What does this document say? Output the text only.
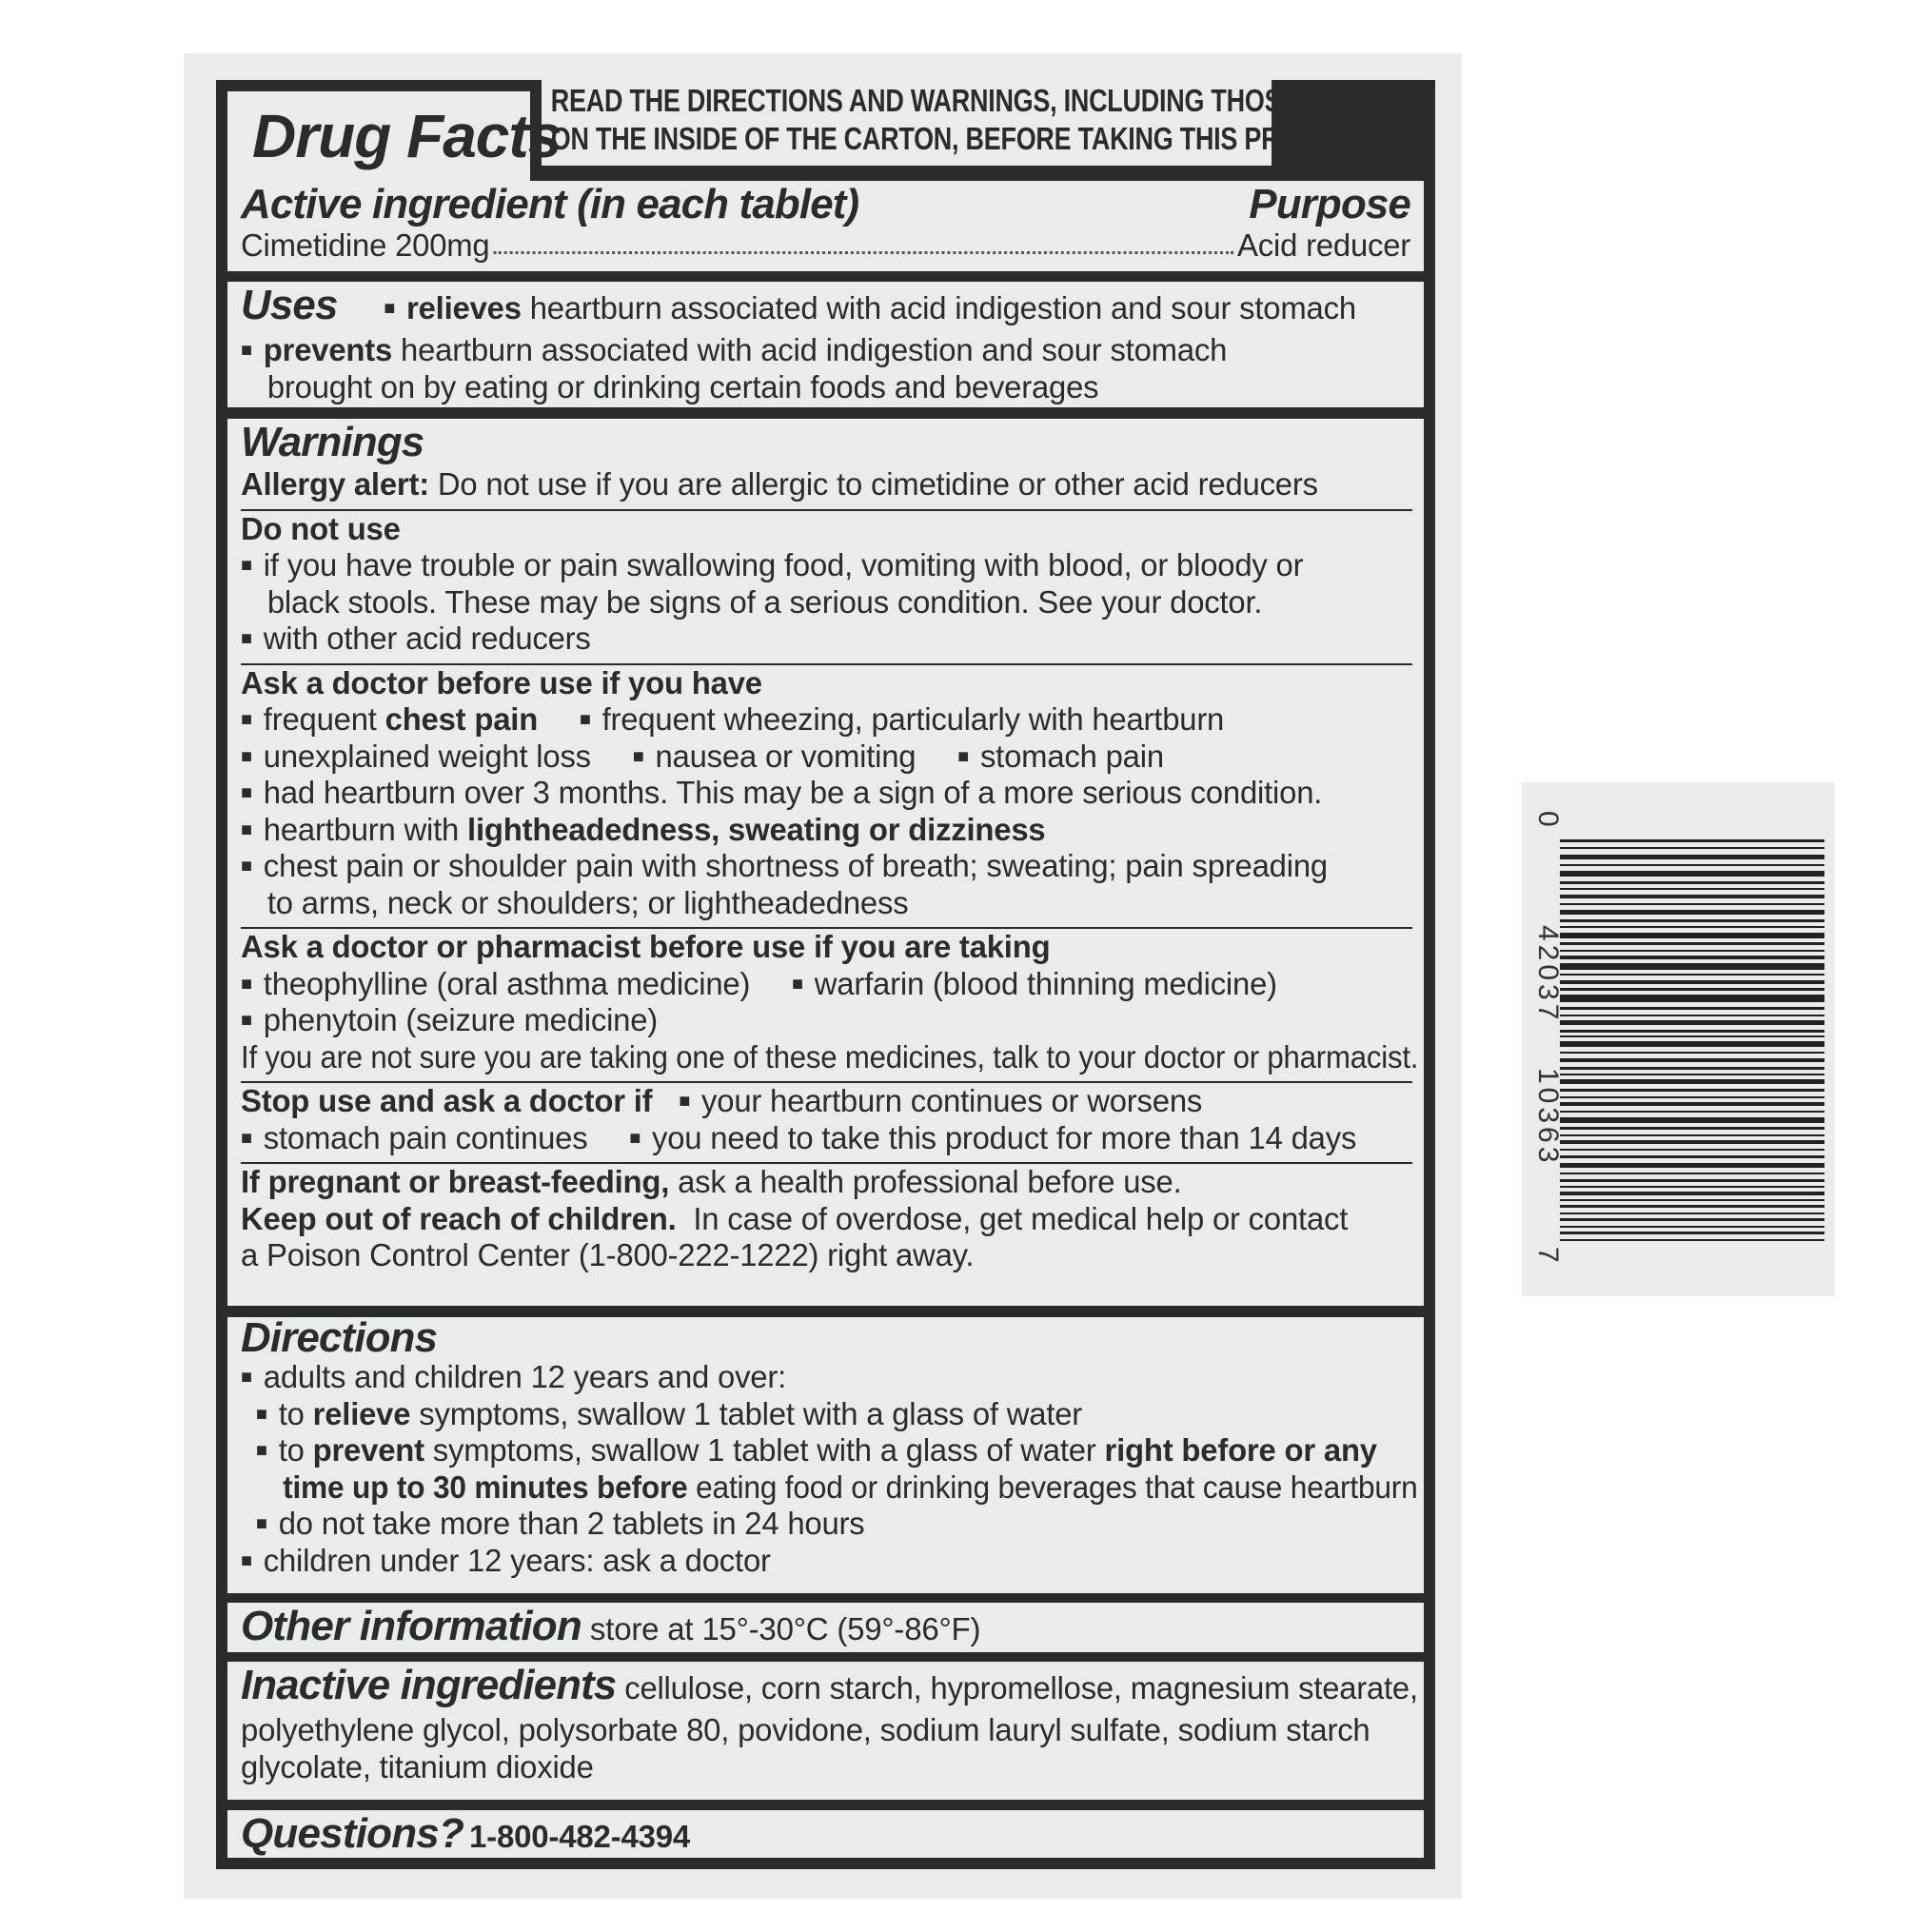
READ THE DIRECTIONS AND WARNINGS, INCLUDING THOSE PRINTED
ON THE INSIDE OF THE CARTON, BEFORE TAKING THIS PRODUCT.
Drug Facts
Active ingredient (in each tablet)	Purpose
Cimetidine 200mg	Acid reducer
Uses ■ relieves heartburn associated with acid indigestion and sour stomach
■ prevents heartburn associated with acid indigestion and sour stomach
brought on by eating or drinking certain foods and beverages
Warnings
Allergy alert: Do not use if you are allergic to cimetidine or other acid reducers
Do not use
■ if you have trouble or pain swallowing food, vomiting with blood, or bloody or
black stools. These may be signs of a serious condition. See your doctor.
■ with other acid reducers
Ask a doctor before use if you have
■ frequent chest pain ■ frequent wheezing, particularly with heartburn
■ unexplained weight loss ■ nausea or vomiting ■ stomach pain
■ had heartburn over 3 months. This may be a sign of a more serious condition.
■ heartburn with lightheadedness, sweating or dizziness
■ chest pain or shoulder pain with shortness of breath; sweating; pain spreading
to arms, neck or shoulders; or lightheadedness
Ask a doctor or pharmacist before use if you are taking
■ theophylline (oral asthma medicine) ■ warfarin (blood thinning medicine)
■ phenytoin (seizure medicine)
If you are not sure you are taking one of these medicines, talk to your doctor or pharmacist.
Stop use and ask a doctor if ■ your heartburn continues or worsens
■ stomach pain continues ■ you need to take this product for more than 14 days
If pregnant or breast-feeding, ask a health professional before use.
Keep out of reach of children.  In case of overdose, get medical help or contact
a Poison Control Center (1-800-222-1222) right away.
Directions
■ adults and children 12 years and over:
■ to relieve symptoms, swallow 1 tablet with a glass of water
■ to prevent symptoms, swallow 1 tablet with a glass of water right before or any
time up to 30 minutes before eating food or drinking beverages that cause heartburn
■ do not take more than 2 tablets in 24 hours
■ children under 12 years: ask a doctor
Other information store at 15°-30°C (59°-86°F)
Inactive ingredients cellulose, corn starch, hypromellose, magnesium stearate,
polyethylene glycol, polysorbate 80, povidone, sodium lauryl sulfate, sodium starch
glycolate, titanium dioxide
Questions? 1-800-482-4394
0
42037
10363
7
